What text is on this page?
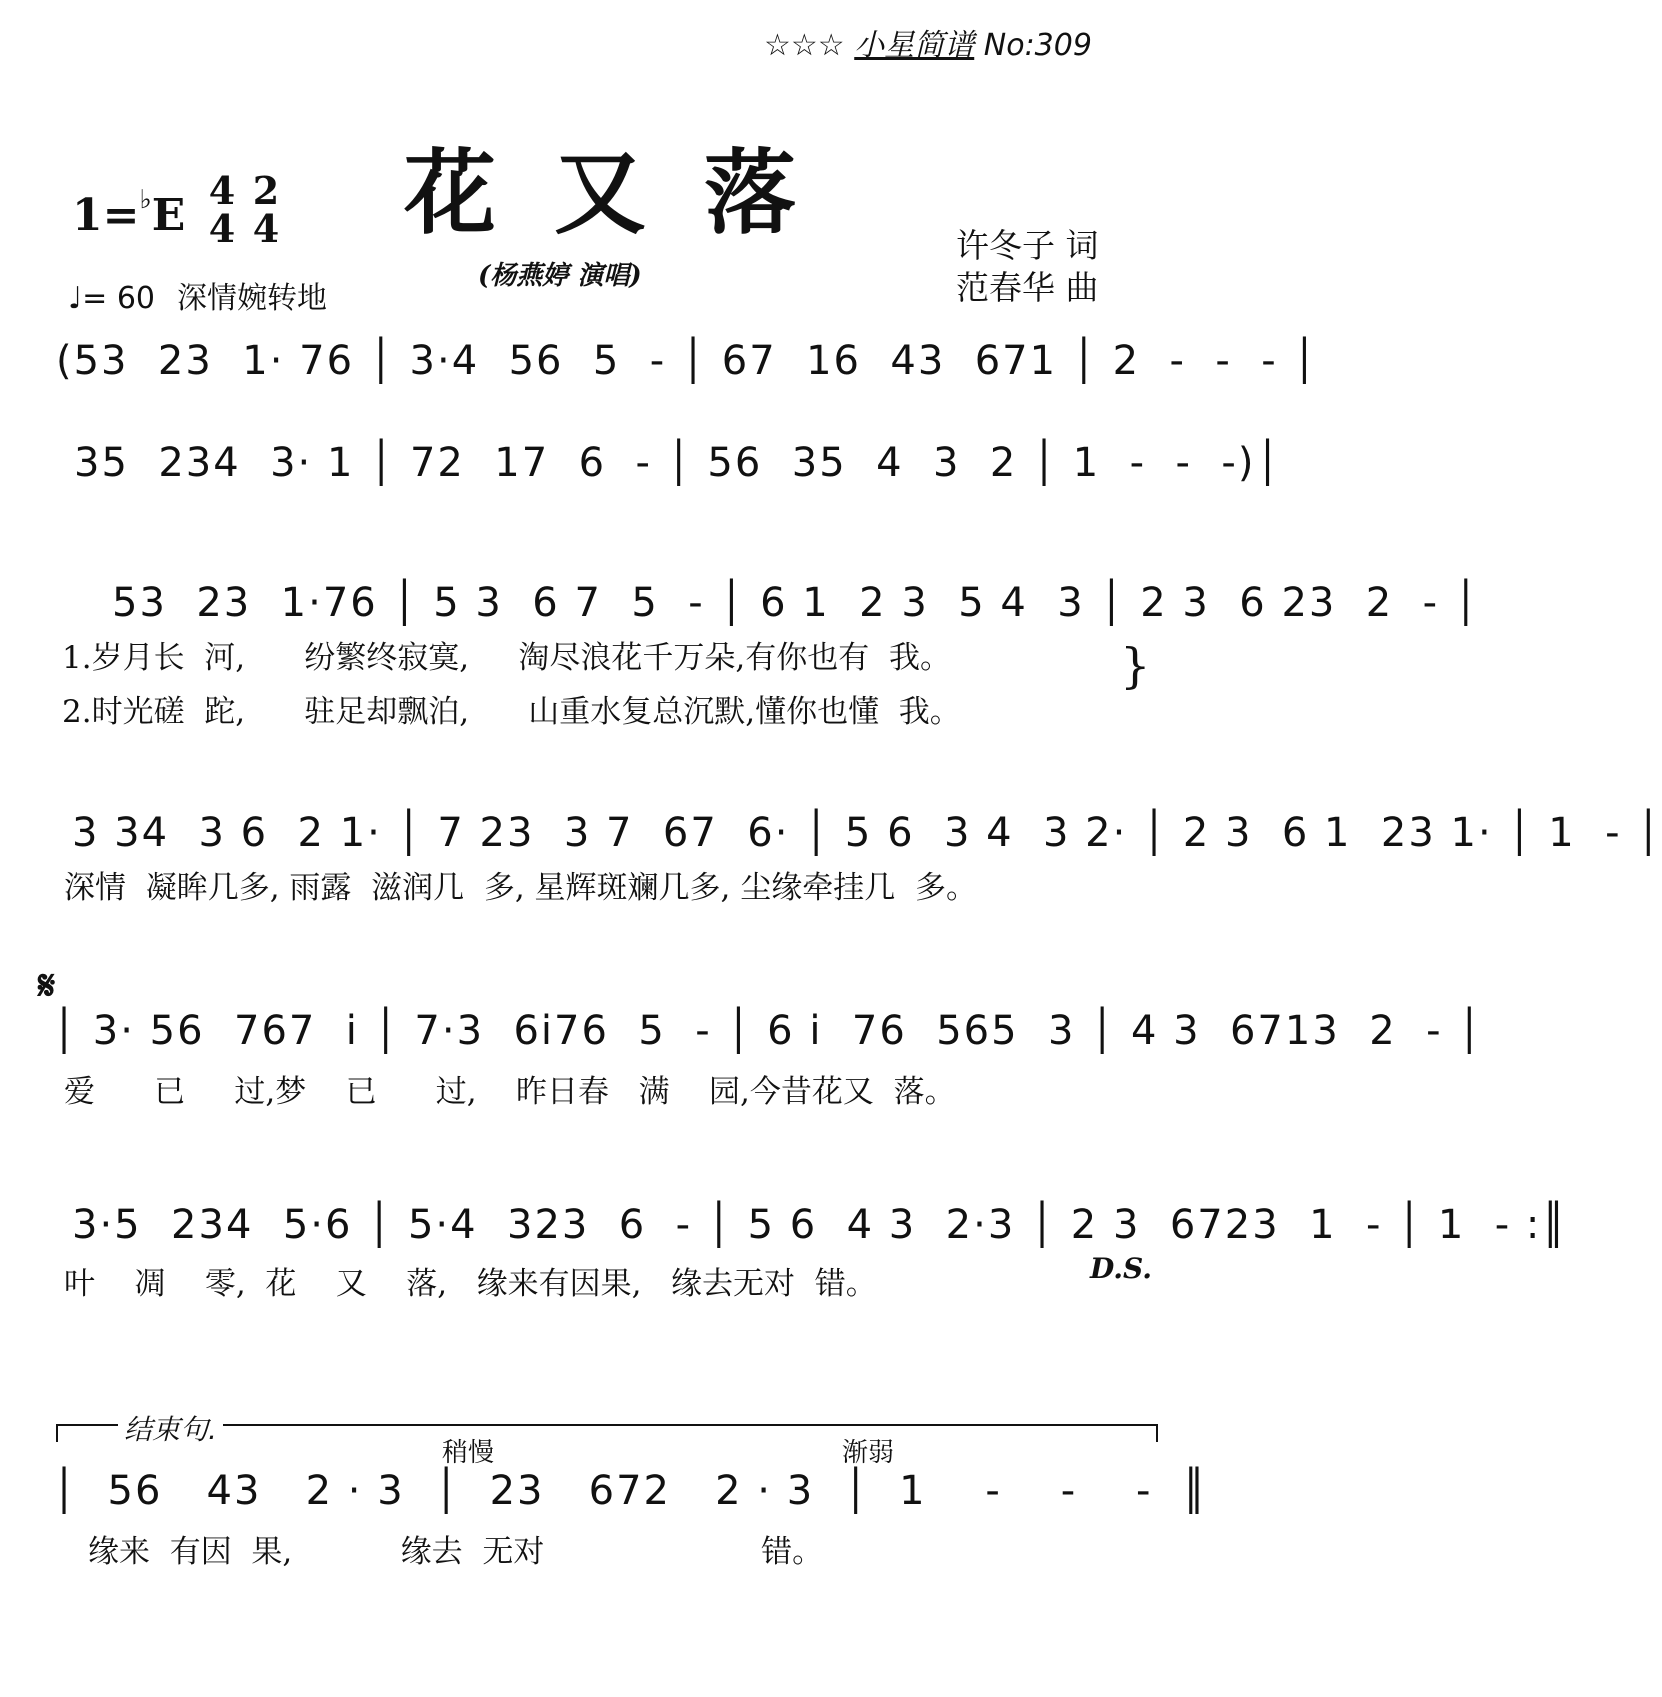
☆☆☆ 小星简谱 No:309
1=♭E 4
4
2
4
♩= 60 深情婉转地
花又落
(杨燕婷 演唱)
许冬子 词
范春华 曲
(53  23  1· 76 │ 3·4  56  5  - │ 67  16  43  671 │ 2  -  -  - │
35  234  3· 1 │ 72  17  6  - │ 56  35  4  3  2 │ 1  -  -  -)│
53  23  1·76 │ 5 3  6 7  5  - │ 6 1  2 3  5 4  3 │ 2 3  6 23  2  - │
1.岁月长  河,      纷繁终寂寞,     淘尽浪花千万朵,有你也有  我。
2.时光磋  跎,      驻足却飘泊,      山重水复总沉默,懂你也懂  我。
}
3 34  3 6  2 1· │ 7 23  3 7  67  6· │ 5 6  3 4  3 2· │ 2 3  6 1  23 1· │ 1  - │
深情  凝眸几多, 雨露  滋润几  多, 星辉斑斓几多, 尘缘牵挂几  多。
𝄋
│ 3· 56  767  i │ 7·3  6i76  5  - │ 6 i  76  565  3 │ 4 3  6713  2  - │
爱      已     过,梦    已      过,    昨日春   满    园,今昔花又  落。
3·5  234  5·6 │ 5·4  323  6  - │ 5 6  4 3  2·3 │ 2 3  6723  1  - │ 1  - :║
叶    凋    零,  花    又    落,   缘来有因果,   缘去无对  错。	D.S.
结束句.
稍慢	渐弱
│  56   43   2 · 3  │  23   672   2 · 3  │  1    -    -    -  ║
缘来  有因  果,           缘去  无对                      错。
